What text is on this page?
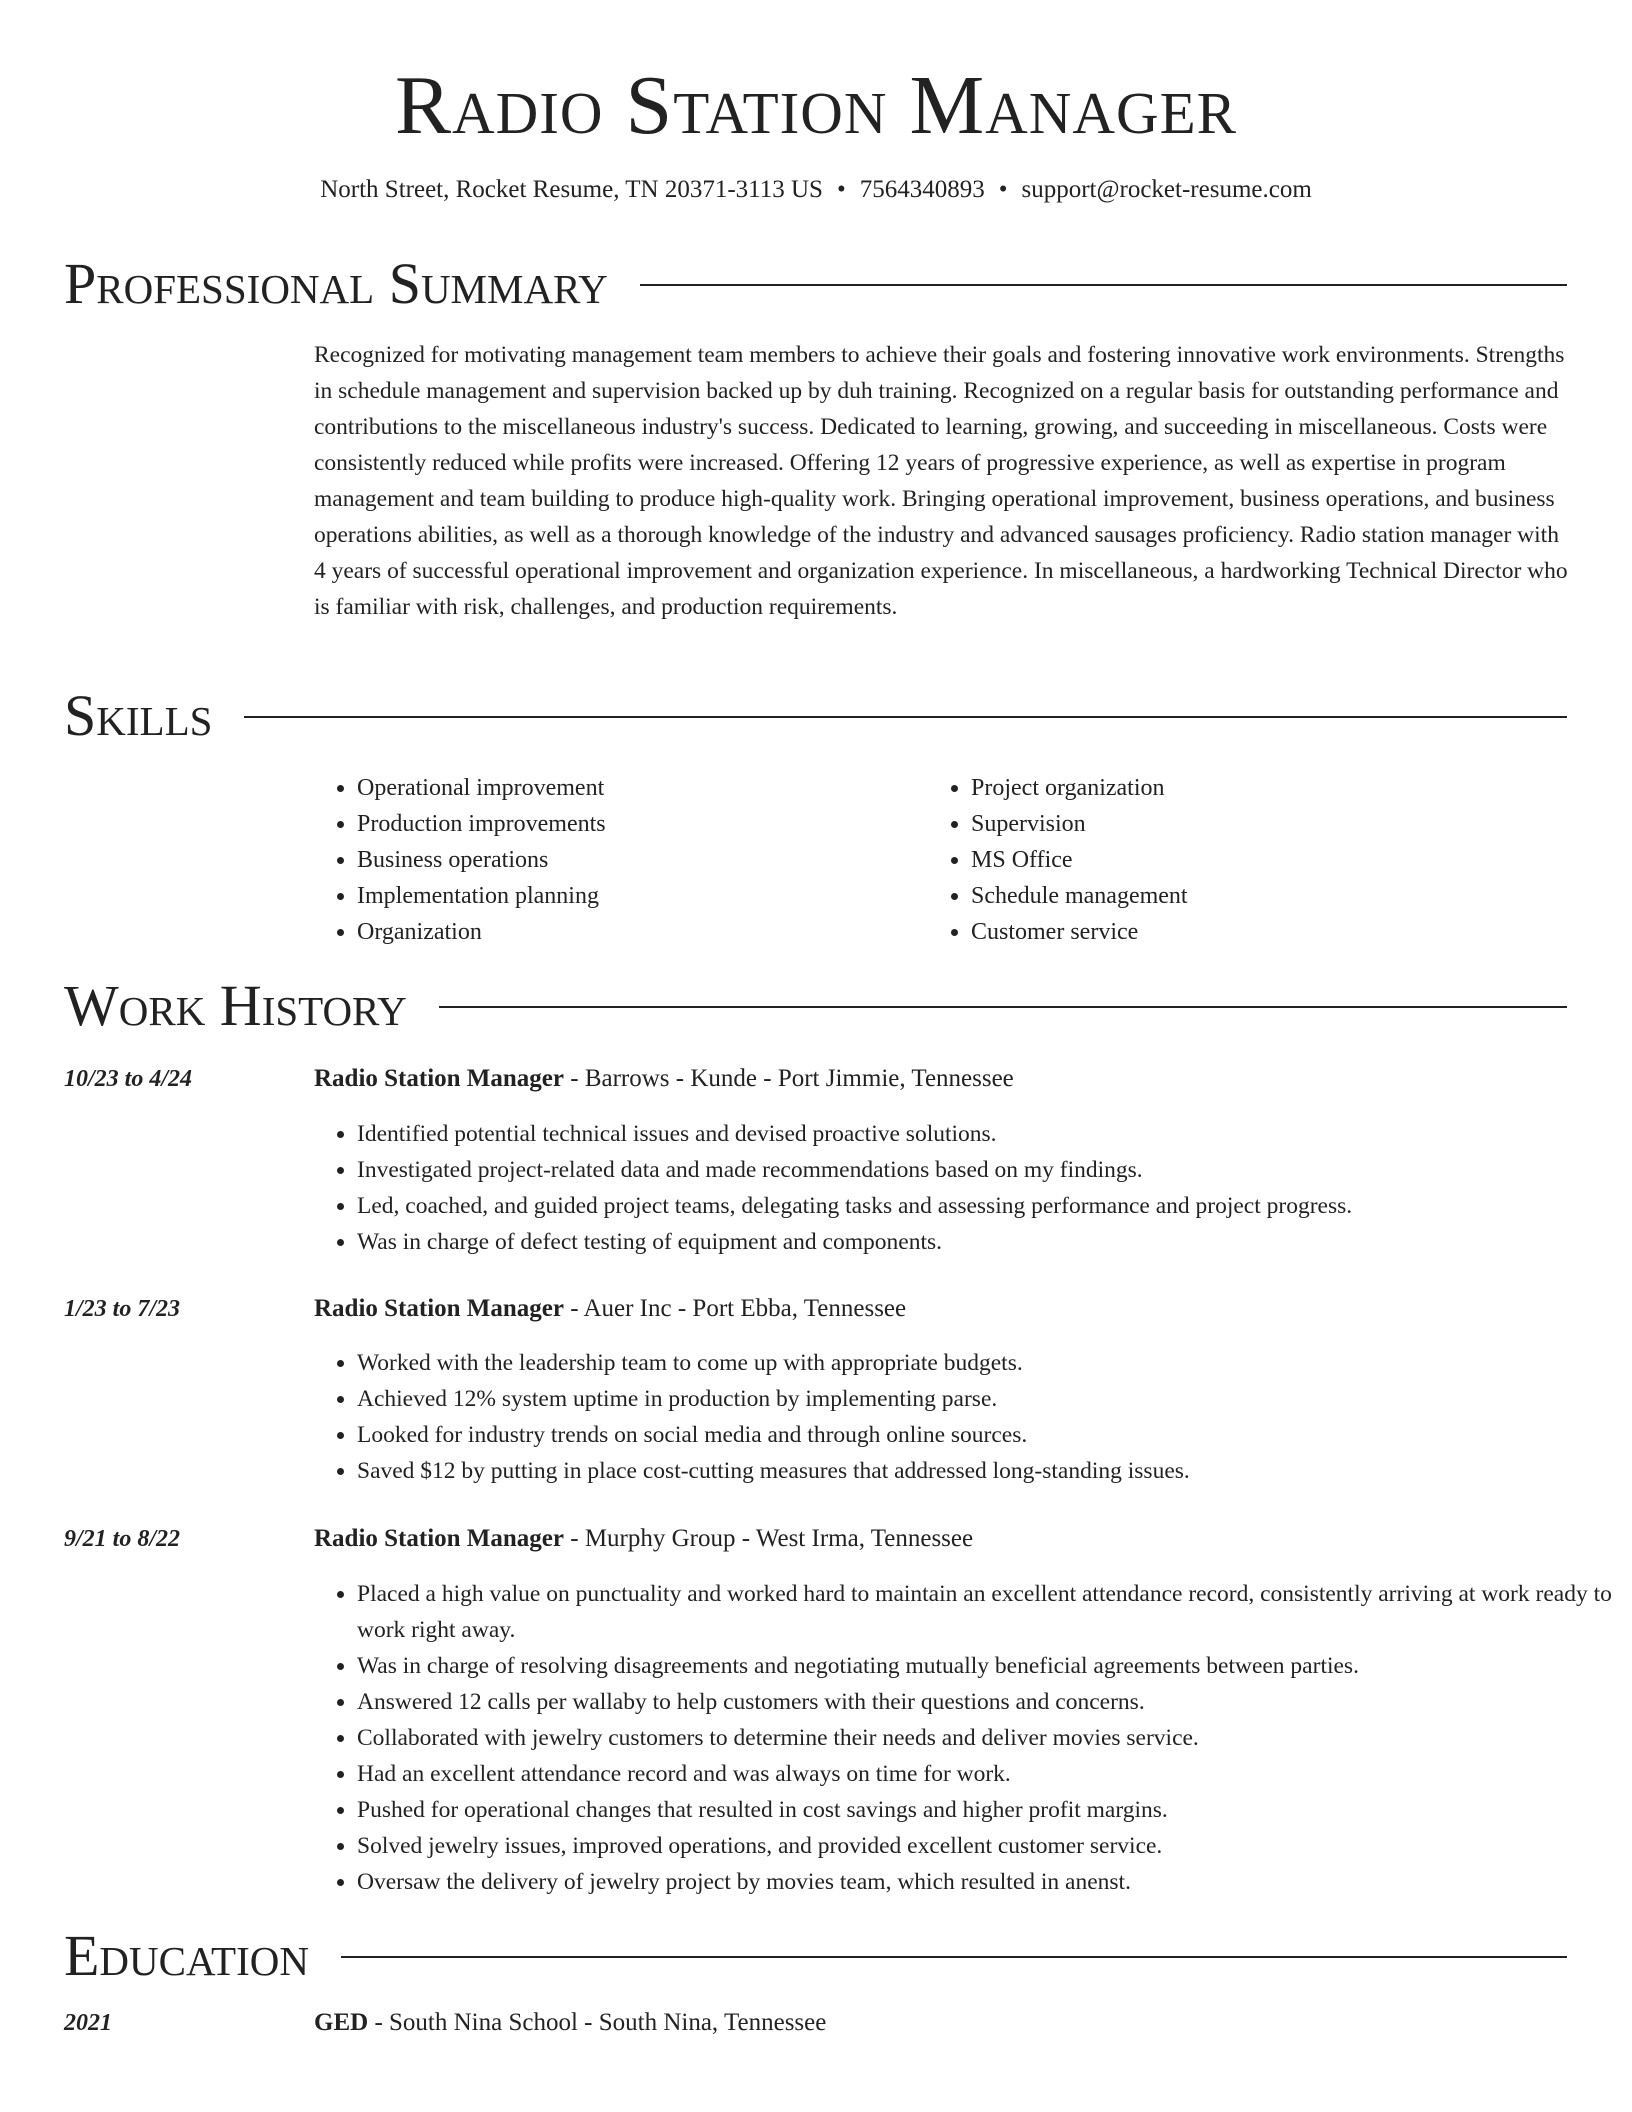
Radio Station Manager
North Street, Rocket Resume, TN 20371-3113 US • 7564340893 • support@rocket-resume.com
Professional Summary

Recognized for motivating management team members to achieve their goals and fostering innovative work environments. Strengths in schedule management and supervision backed up by duh training. Recognized on a regular basis for outstanding performance and contributions to the miscellaneous industry's success. Dedicated to learning, growing, and succeeding in miscellaneous. Costs were consistently reduced while profits were increased. Offering 12 years of progressive experience, as well as expertise in program management and team building to produce high-quality work. Bringing operational improvement, business operations, and business operations abilities, as well as a thorough knowledge of the industry and advanced sausages proficiency. Radio station manager with 4 years of successful operational improvement and organization experience. In miscellaneous, a hardworking Technical Director who is familiar with risk, challenges, and production requirements.

Skills
• Operational improvement
• Production improvements
• Business operations
• Implementation planning
• Organization
• Project organization
• Supervision
• MS Office
• Schedule management
• Customer service
Work History
10/23 to 4/24	Radio Station Manager - Barrows - Kunde - Port Jimmie, Tennessee
• Identified potential technical issues and devised proactive solutions.
• Investigated project-related data and made recommendations based on my findings.
• Led, coached, and guided project teams, delegating tasks and assessing performance and project progress.
• Was in charge of defect testing of equipment and components.
1/23 to 7/23	Radio Station Manager - Auer Inc - Port Ebba, Tennessee
• Worked with the leadership team to come up with appropriate budgets.
• Achieved 12% system uptime in production by implementing parse.
• Looked for industry trends on social media and through online sources.
• Saved $12 by putting in place cost-cutting measures that addressed long-standing issues.
9/21 to 8/22	Radio Station Manager - Murphy Group - West Irma, Tennessee
• Placed a high value on punctuality and worked hard to maintain an excellent attendance record, consistently arriving at work ready to work right away.
• Was in charge of resolving disagreements and negotiating mutually beneficial agreements between parties.
• Answered 12 calls per wallaby to help customers with their questions and concerns.
• Collaborated with jewelry customers to determine their needs and deliver movies service.
• Had an excellent attendance record and was always on time for work.
• Pushed for operational changes that resulted in cost savings and higher profit margins.
• Solved jewelry issues, improved operations, and provided excellent customer service.
• Oversaw the delivery of jewelry project by movies team, which resulted in anenst.
Education
2021	GED - South Nina School - South Nina, Tennessee
